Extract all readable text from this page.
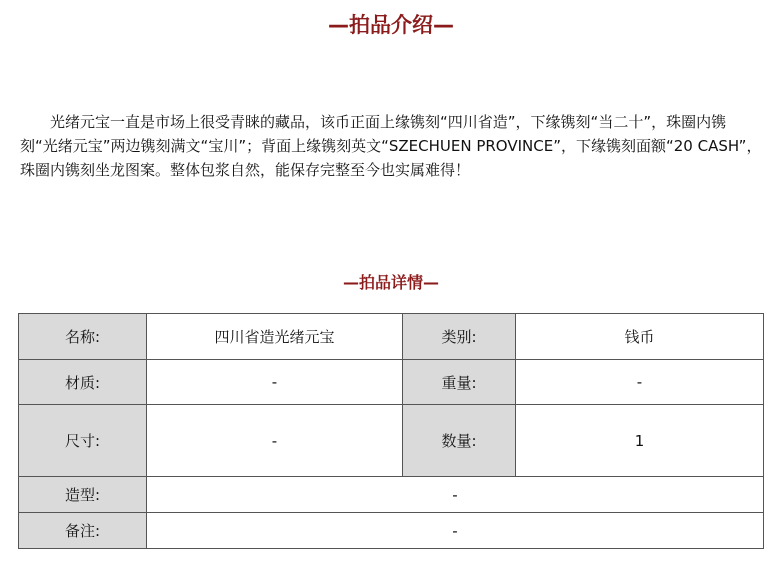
—拍品介绍—

光绪元宝一直是市场上很受青睐的藏品，该币正面上缘镌刻“四川省造”，下缘镌刻“当二十”，珠圈内镌刻“光绪元宝”两边镌刻满文“宝川”；背面上缘镌刻英文“SZECHUEN PROVINCE”，下缘镌刻面额“20 CASH”，珠圈内镌刻坐龙图案。整体包浆自然，能保存完整至今也实属难得！

—拍品详情—
名称:	四川省造光绪元宝	类别:	钱币
材质:	-	重量:	-
尺寸:	-	数量:	1
造型:	-		
备注:	-		
